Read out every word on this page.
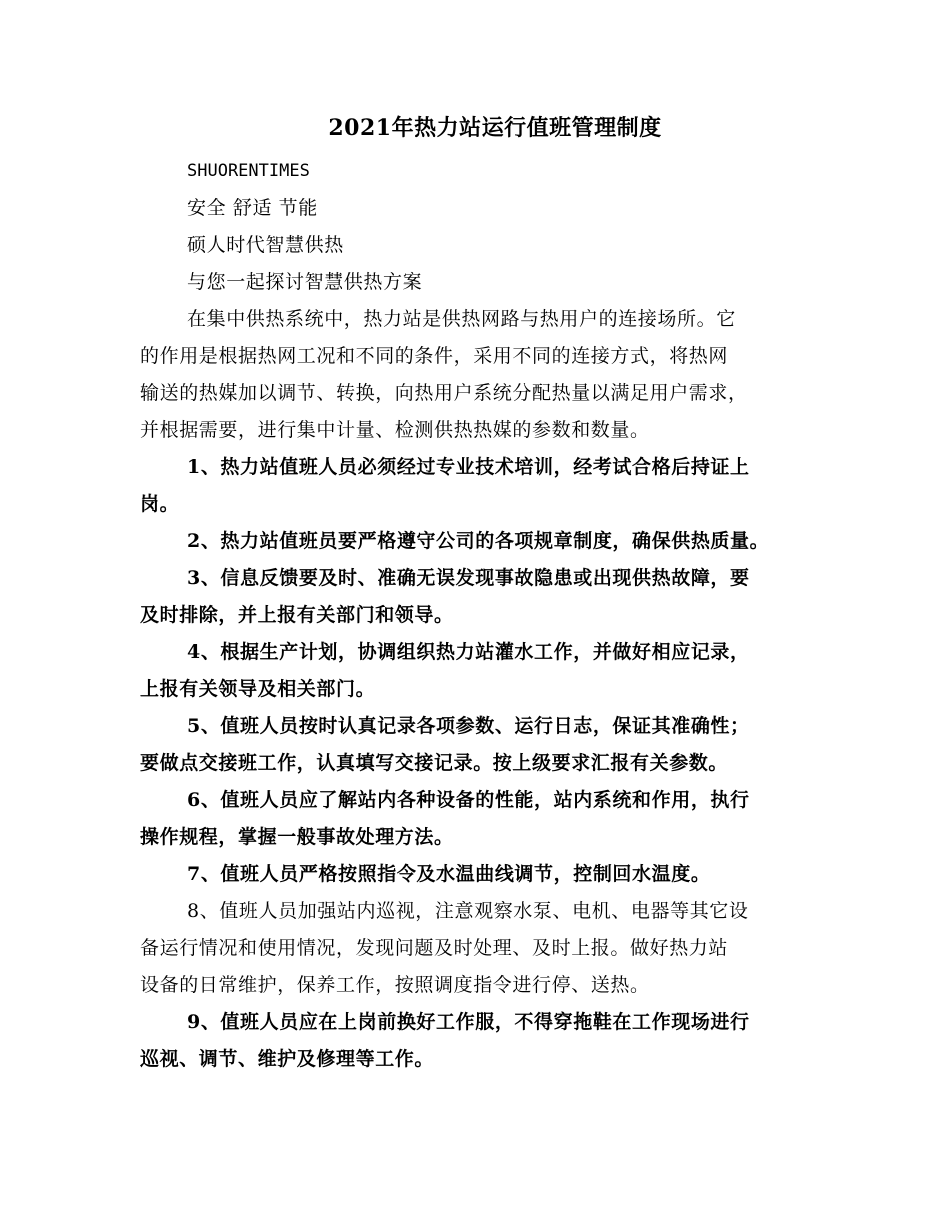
2021年热力站运行值班管理制度
SHUORENTIMES
安全 舒适 节能
硕人时代智慧供热
与您一起探讨智慧供热方案
在集中供热系统中，热力站是供热网路与热用户的连接场所。它
的作用是根据热网工况和不同的条件，采用不同的连接方式，将热网
输送的热媒加以调节、转换，向热用户系统分配热量以满足用户需求，
并根据需要，进行集中计量、检测供热热媒的参数和数量。
1、热力站值班人员必须经过专业技术培训，经考试合格后持证上
岗。
2、热力站值班员要严格遵守公司的各项规章制度，确保供热质量。
3、信息反馈要及时、准确无误发现事故隐患或出现供热故障，要
及时排除，并上报有关部门和领导。
4、根据生产计划，协调组织热力站灌水工作，并做好相应记录，
上报有关领导及相关部门。
5、值班人员按时认真记录各项参数、运行日志，保证其准确性；
要做点交接班工作，认真填写交接记录。按上级要求汇报有关参数。
6、值班人员应了解站内各种设备的性能，站内系统和作用，执行
操作规程，掌握一般事故处理方法。
7、值班人员严格按照指令及水温曲线调节，控制回水温度。
8、值班人员加强站内巡视，注意观察水泵、电机、电器等其它设
备运行情况和使用情况，发现问题及时处理、及时上报。做好热力站
设备的日常维护，保养工作，按照调度指令进行停、送热。
9、值班人员应在上岗前换好工作服，不得穿拖鞋在工作现场进行
巡视、调节、维护及修理等工作。
